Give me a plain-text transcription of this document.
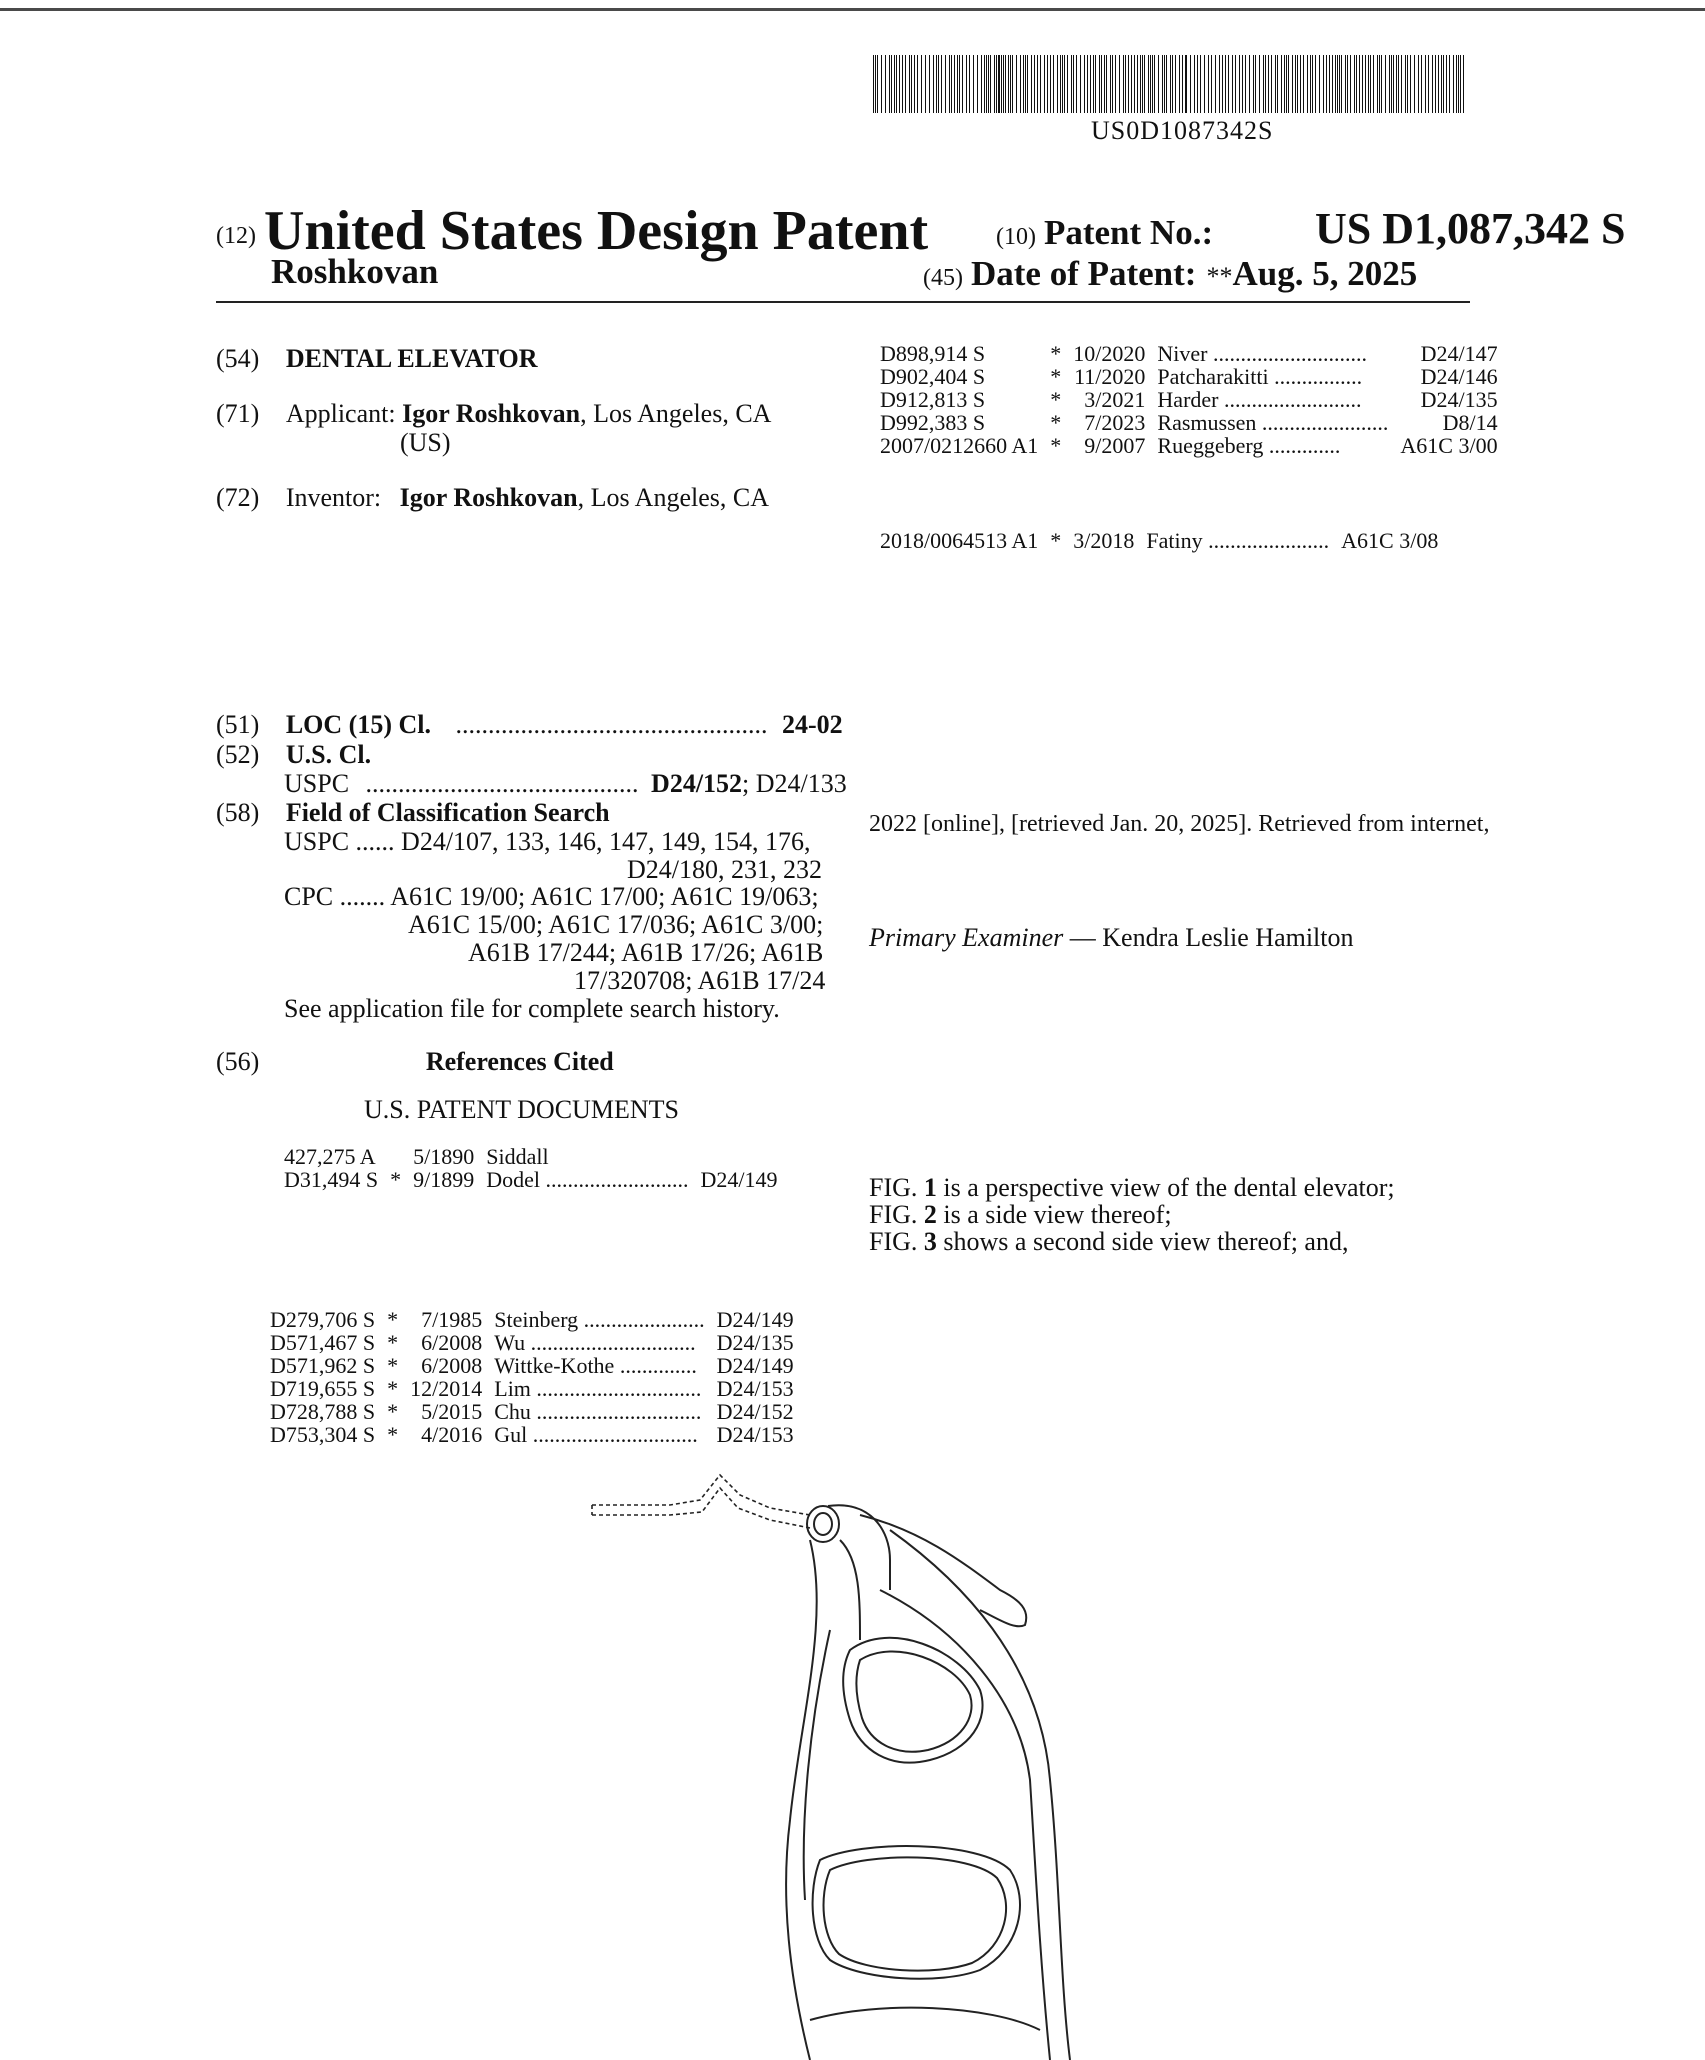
US0D1087342S
(12) United States Design Patent	(10) Patent No.: US D1,087,342 S
Roshkovan	(45) Date of Patent: **Aug. 5, 2025
(54) DENTAL ELEVATOR
(71) Applicant: Igor Roshkovan, Los Angeles, CA
(US)
(72) Inventor: Igor Roshkovan, Los Angeles, CA
(51) LOC (15) Cl. ................................................ 24-02
(52) U.S. Cl.
USPC .......................................... D24/152; D24/133
(58) Field of Classification Search
USPC ...... D24/107, 133, 146, 147, 149, 154, 176,
D24/180, 231, 232
CPC ....... A61C 19/00; A61C 17/00; A61C 19/063;
A61C 15/00; A61C 17/036; A61C 3/00;
A61B 17/244; A61B 17/26; A61B
17/320708; A61B 17/24
See application file for complete search history.
(56)	References Cited
U.S. PATENT DOCUMENTS
427,275 A		5/1890	Siddall	
D31,494 S	*	9/1899	Dodel ..........................	D24/149
D279,706 S	*	7/1985	Steinberg ......................	D24/149
D571,467 S	*	6/2008	Wu ..............................	D24/135
D571,962 S	*	6/2008	Wittke-Kothe ..............	D24/149
D719,655 S	*	12/2014	Lim ..............................	D24/153
D728,788 S	*	5/2015	Chu ..............................	D24/152
D753,304 S	*	4/2016	Gul ..............................	D24/153
D898,914 S	*	10/2020	Niver ............................	D24/147
D902,404 S	*	11/2020	Patcharakitti ................	D24/146
D912,813 S	*	3/2021	Harder .........................	D24/135
D992,383 S	*	7/2023	Rasmussen .......................	D8/14
2007/0212660 A1	*	9/2007	Rueggeberg .............	A61C 3/00
2018/0064513 A1	*	3/2018	Fatiny ......................	A61C 3/08
2022 [online], [retrieved Jan. 20, 2025]. Retrieved from internet,
Primary Examiner — Kendra Leslie Hamilton
FIG. 1 is a perspective view of the dental elevator;
FIG. 2 is a side view thereof;
FIG. 3 shows a second side view thereof; and,
